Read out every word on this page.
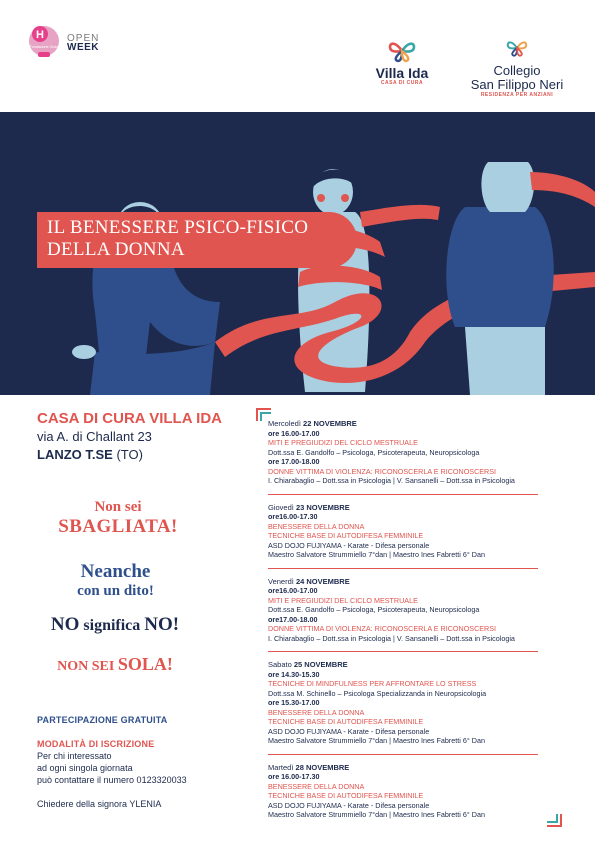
H
Fondazione Onda
OPEN
WEEK
Villa Ida
CASA DI CURA
Collegio
San Filippo Neri
RESIDENZA PER ANZIANI
IL BENESSERE PSICO-FISICO
DELLA DONNA
CASA DI CURA VILLA IDA
via A. di Challant 23
LANZO T.SE (TO)
Non sei
SBAGLIATA!
Neanche
con un dito!
NO significa NO!
NON SEI SOLA!
PARTECIPAZIONE GRATUITA
MODALITÀ DI ISCRIZIONE
Per chi interessato
ad ogni singola giornata
può contattare il numero 0123320033
Chiedere della signora YLENIA
Mercoledì 22 NOVEMBRE
ore 16.00-17.00
MITI E PREGIUDIZI DEL CICLO MESTRUALE
Dott.ssa E. Gandolfo – Psicologa, Psicoterapeuta, Neuropsicologa
ore 17.00-18.00
DONNE VITTIMA DI VIOLENZA: RICONOSCERLA E RICONOSCERSI
I. Chiarabaglio – Dott.ssa in Psicologia | V. Sansanelli – Dott.ssa in Psicologia
Giovedì 23 NOVEMBRE
ore16.00-17.30
BENESSERE DELLA DONNA
TECNICHE BASE DI AUTODIFESA FEMMINILE
ASD DOJO FUJIYAMA - Karate - Difesa personale
Maestro Salvatore Strummiello 7°dan | Maestro Ines Fabretti 6° Dan
Venerdì 24 NOVEMBRE
ore16.00-17.00
MITI E PREGIUDIZI DEL CICLO MESTRUALE
Dott.ssa E. Gandolfo – Psicologa, Psicoterapeuta, Neuropsicologa
ore17.00-18.00
DONNE VITTIMA DI VIOLENZA: RICONOSCERLA E RICONOSCERSI
I. Chiarabaglio – Dott.ssa in Psicologia | V. Sansanelli – Dott.ssa in Psicologia
Sabato 25 NOVEMBRE
ore 14.30-15.30
TECNICHE DI MINDFULNESS PER AFFRONTARE LO STRESS
Dott.ssa M. Schinello – Psicologa Specializzanda in Neuropsicologia
ore 15.30-17.00
BENESSERE DELLA DONNA
TECNICHE BASE DI AUTODIFESA FEMMINILE
ASD DOJO FUJIYAMA - Karate - Difesa personale
Maestro Salvatore Strummiello 7°dan | Maestro Ines Fabretti 6° Dan
Martedì 28 NOVEMBRE
ore 16.00-17.30
BENESSERE DELLA DONNA
TECNICHE BASE DI AUTODIFESA FEMMINILE
ASD DOJO FUJIYAMA - Karate - Difesa personale
Maestro Salvatore Strummiello 7°dan | Maestro Ines Fabretti 6° Dan
